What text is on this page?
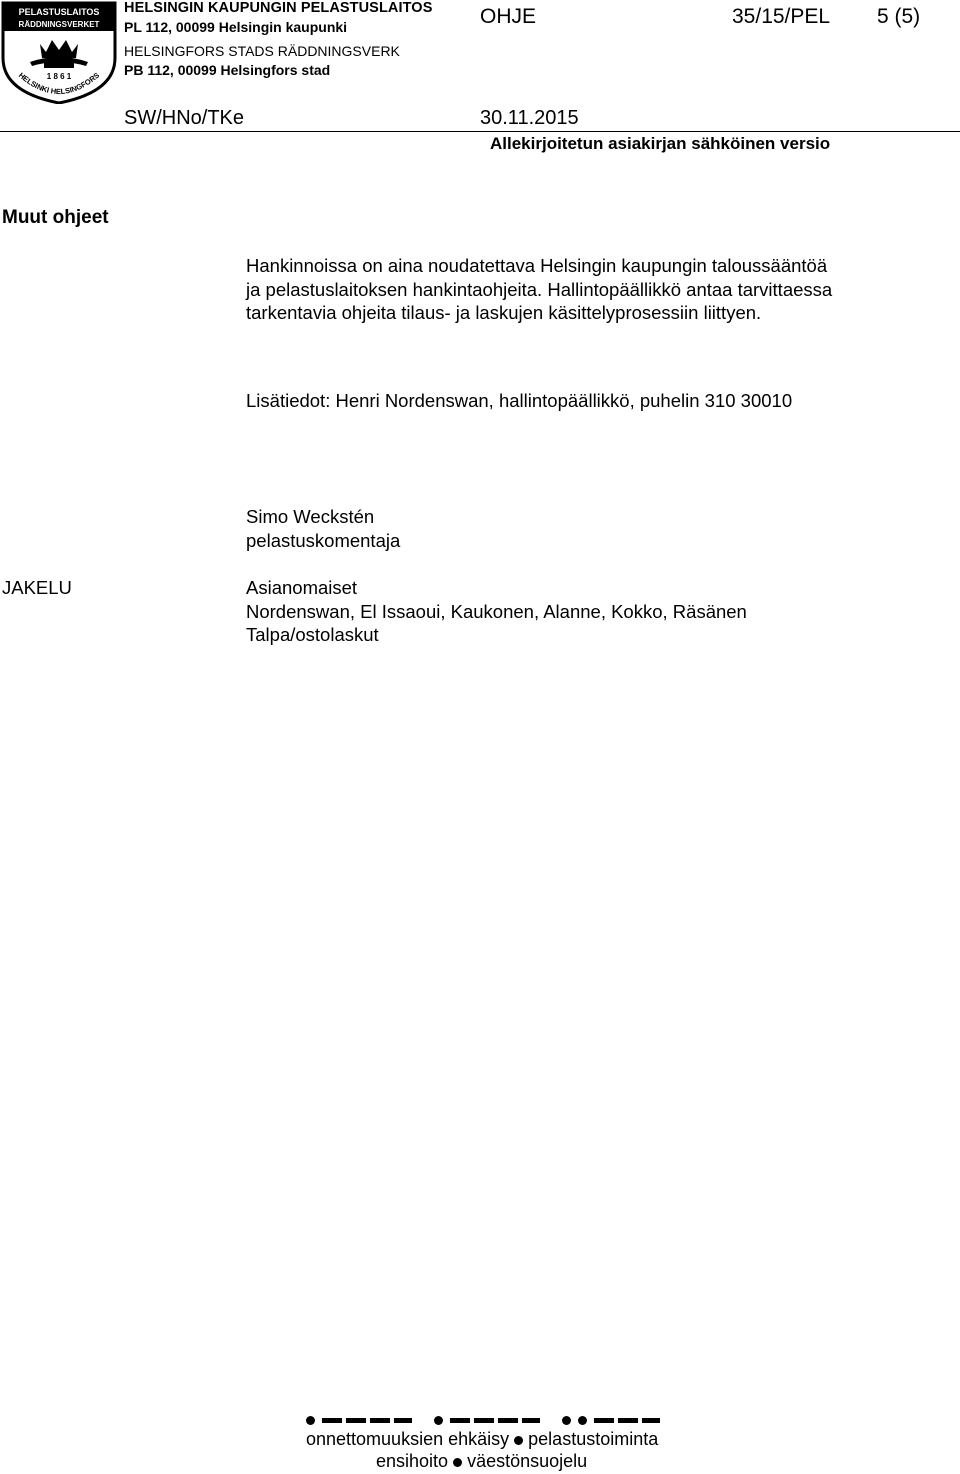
PELASTUSLAITOS
RÄDDNINGSVERKET
1 8 6 1
HELSINKI HELSINGFORS
HELSINGIN KAUPUNGIN PELASTUSLAITOS
PL 112, 00099 Helsingin kaupunki
HELSINGFORS STADS RÄDDNINGSVERK
PB 112, 00099 Helsingfors stad
OHJE	35/15/PEL 5 (5)
SW/HNo/TKe	30.11.2015
Allekirjoitetun asiakirjan sähköinen versio
Muut ohjeet
Hankinnoissa on aina noudatettava Helsingin kaupungin taloussääntöä
ja pelastuslaitoksen hankintaohjeita. Hallintopäällikkö antaa tarvittaessa
tarkentavia ohjeita tilaus- ja laskujen käsittelyprosessiin liittyen.
Lisätiedot: Henri Nordenswan, hallintopäällikkö, puhelin 310 30010
Simo Weckstén
pelastuskomentaja
JAKELU	Asianomaiset
Nordenswan, El Issaoui, Kaukonen, Alanne, Kokko, Räsänen
Talpa/ostolaskut
onnettomuuksien ehkäisy pelastustoiminta
ensihoito väestönsuojelu
